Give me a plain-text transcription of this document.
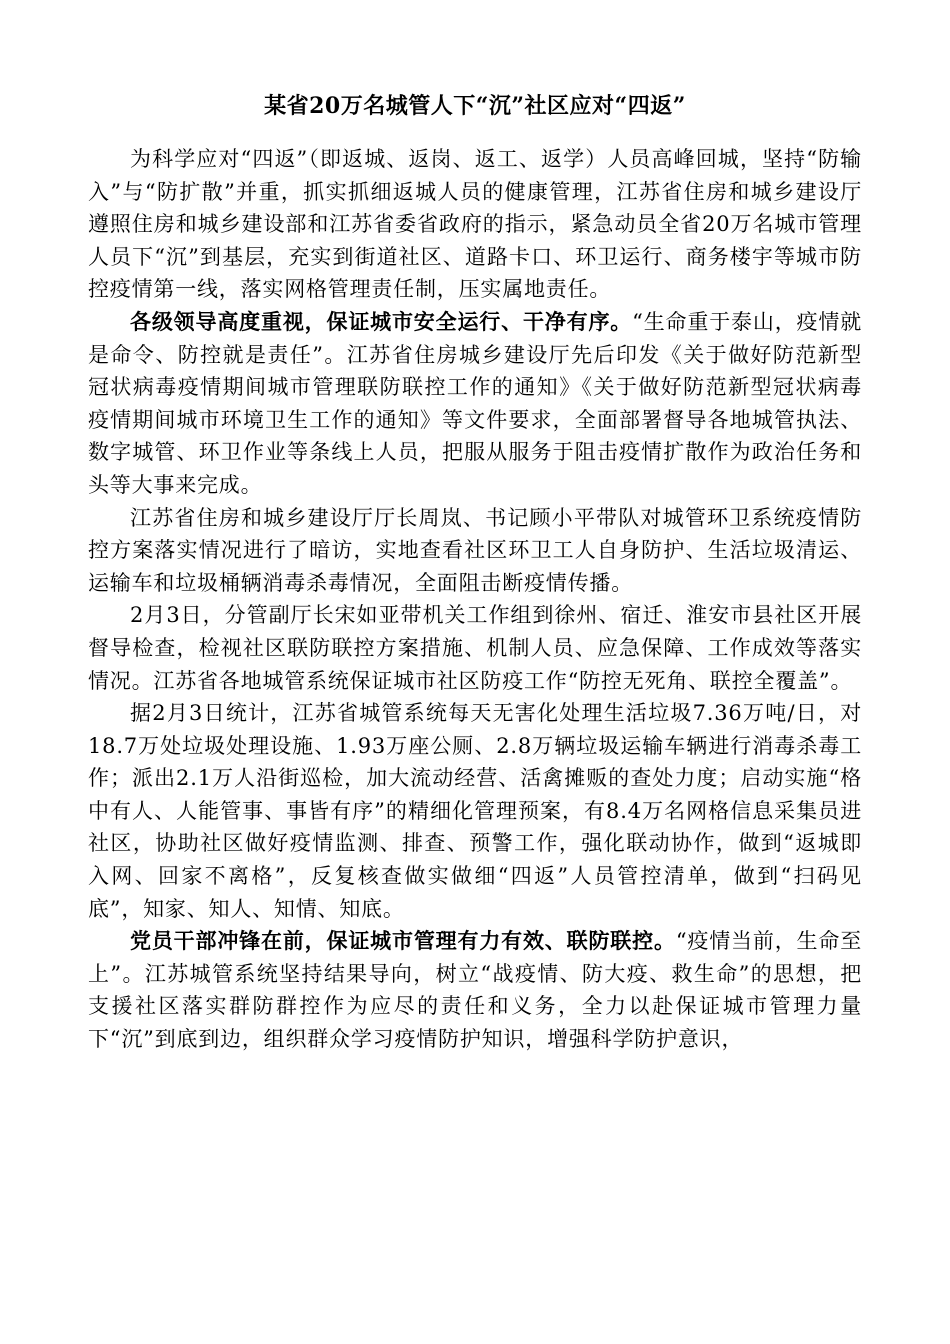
某省20万名城管人下“沉”社区应对“四返”

为科学应对“四返”（即返城、返岗、返工、返学）人员高峰回城，坚持“防输入”与“防扩散”并重，抓实抓细返城人员的健康管理，江苏省住房和城乡建设厅遵照住房和城乡建设部和江苏省委省政府的指示，紧急动员全省20万名城市管理人员下“沉”到基层，充实到街道社区、道路卡口、环卫运行、商务楼宇等城市防控疫情第一线，落实网格管理责任制，压实属地责任。

各级领导高度重视，保证城市安全运行、干净有序。“生命重于泰山，疫情就是命令、防控就是责任”。江苏省住房城乡建设厅先后印发《关于做好防范新型冠状病毒疫情期间城市管理联防联控工作的通知》《关于做好防范新型冠状病毒疫情期间城市环境卫生工作的通知》等文件要求，全面部署督导各地城管执法、数字城管、环卫作业等条线上人员，把服从服务于阻击疫情扩散作为政治任务和头等大事来完成。

江苏省住房和城乡建设厅厅长周岚、书记顾小平带队对城管环卫系统疫情防控方案落实情况进行了暗访，实地查看社区环卫工人自身防护、生活垃圾清运、运输车和垃圾桶辆消毒杀毒情况，全面阻击断疫情传播。

2月3日，分管副厅长宋如亚带机关工作组到徐州、宿迁、淮安市县社区开展督导检查，检视社区联防联控方案措施、机制人员、应急保障、工作成效等落实情况。江苏省各地城管系统保证城市社区防疫工作“防控无死角、联控全覆盖”。

据2月3日统计，江苏省城管系统每天无害化处理生活垃圾7.36万吨/日，对18.7万处垃圾处理设施、1.93万座公厕、2.8万辆垃圾运输车辆进行消毒杀毒工作；派出2.1万人沿街巡检，加大流动经营、活禽摊贩的查处力度；启动实施“格中有人、人能管事、事皆有序”的精细化管理预案，有8.4万名网格信息采集员进社区，协助社区做好疫情监测、排查、预警工作，强化联动协作，做到“返城即入网、回家不离格”，反复核查做实做细“四返”人员管控清单，做到“扫码见底”，知家、知人、知情、知底。

党员干部冲锋在前，保证城市管理有力有效、联防联控。“疫情当前，生命至上”。江苏城管系统坚持结果导向，树立“战疫情、防大疫、救生命”的思想，把支援社区落实群防群控作为应尽的责任和义务，全力以赴保证城市管理力量下“沉”到底到边，组织群众学习疫情防护知识，增强科学防护意识，
